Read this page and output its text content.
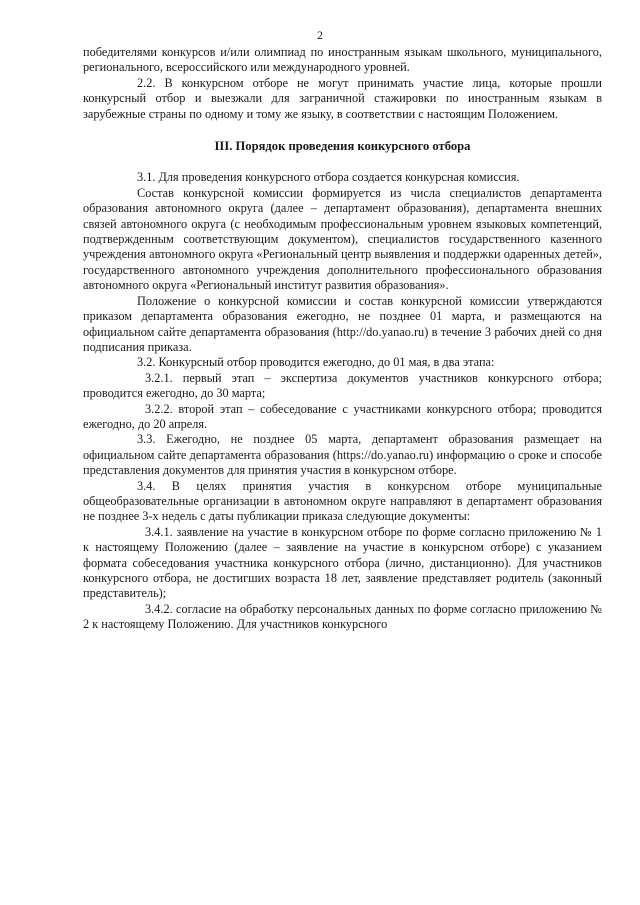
2

победителями конкурсов и/или олимпиад по иностранным языкам школьного, муниципального, регионального, всероссийского или международного уровней.

2.2. В конкурсном отборе не могут принимать участие лица, которые прошли конкурсный отбор и выезжали для заграничной стажировки по иностранным языкам в зарубежные страны по одному и тому же языку, в соответствии с настоящим Положением.

III. Порядок проведения конкурсного отбора

3.1. Для проведения конкурсного отбора создается конкурсная комиссия.

Состав конкурсной комиссии формируется из числа специалистов департамента образования автономного округа (далее – департамент образования), департамента внешних связей автономного округа (с необходимым профессиональным уровнем языковых компетенций, подтвержденным соответствующим документом), специалистов государственного казенного учреждения автономного округа «Региональный центр выявления и поддержки одаренных детей», государственного автономного учреждения дополнительного профессионального образования автономного округа «Региональный институт развития образования».

Положение о конкурсной комиссии и состав конкурсной комиссии утверждаются приказом департамента образования ежегодно, не позднее 01 марта, и размещаются на официальном сайте департамента образования (http://do.yanao.ru) в течение 3 рабочих дней со дня подписания приказа.

3.2. Конкурсный отбор проводится ежегодно, до 01 мая, в два этапа:

3.2.1. первый этап – экспертиза документов участников конкурсного отбора; проводится ежегодно, до 30 марта;

3.2.2. второй этап – собеседование с участниками конкурсного отбора; проводится ежегодно, до 20 апреля.

3.3. Ежегодно, не позднее 05 марта, департамент образования размещает на официальном сайте департамента образования (https://do.yanao.ru) информацию о сроке и способе представления документов для принятия участия в конкурсном отборе.

3.4. В целях принятия участия в конкурсном отборе муниципальные общеобразовательные организации в автономном округе направляют в департамент образования не позднее 3-х недель с даты публикации приказа следующие документы:

3.4.1. заявление на участие в конкурсном отборе по форме согласно приложению № 1 к настоящему Положению (далее – заявление на участие в конкурсном отборе) с указанием формата собеседования участника конкурсного отбора (лично, дистанционно). Для участников конкурсного отбора, не достигших возраста 18 лет, заявление представляет родитель (законный представитель);

3.4.2. согласие на обработку персональных данных по форме согласно приложению № 2 к настоящему Положению. Для участников конкурсного
